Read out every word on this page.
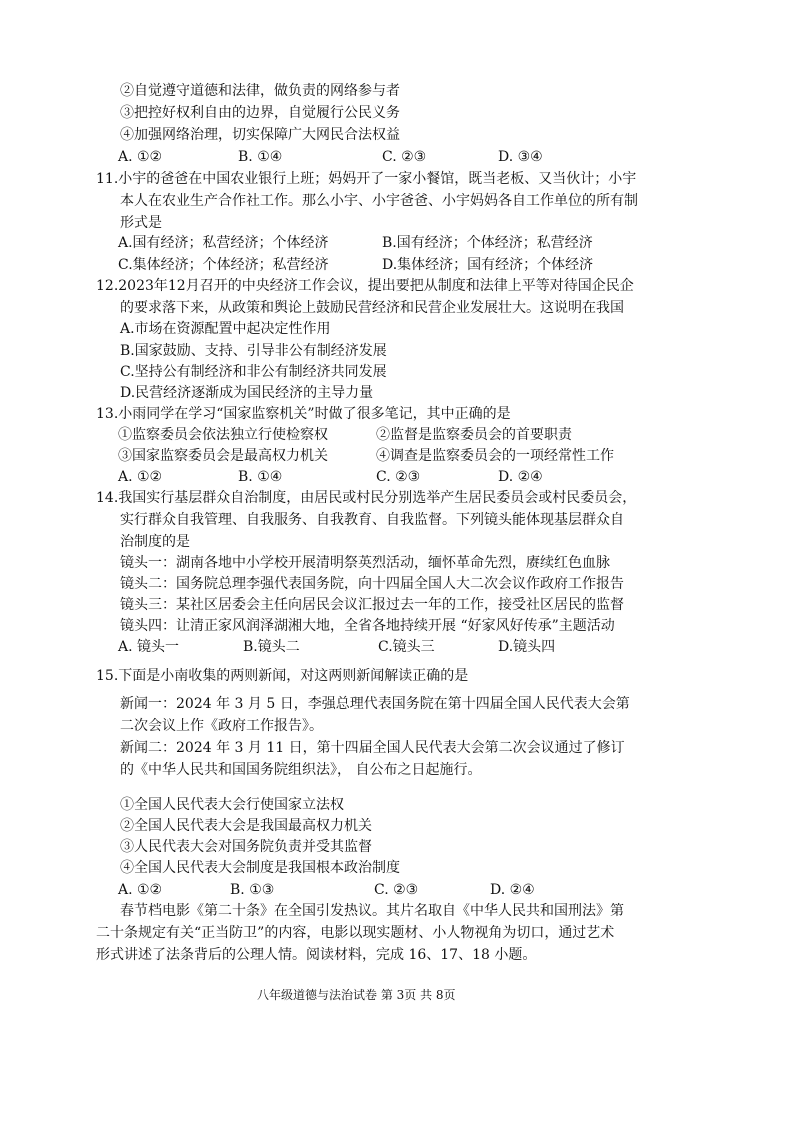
②自觉遵守道德和法律，做负责的网络参与者
③把控好权利自由的边界，自觉履行公民义务
④加强网络治理，切实保障广大网民合法权益
A. ①②	B. ①④	C. ②③	D. ③④
11.小宇的爸爸在中国农业银行上班；妈妈开了一家小餐馆，既当老板、又当伙计；小宇
本人在农业生产合作社工作。那么小宇、小宇爸爸、小宇妈妈各自工作单位的所有制
形式是
A.国有经济；私营经济；个体经济	B.国有经济；个体经济；私营经济
C.集体经济；个体经济；私营经济	D.集体经济；国有经济；个体经济
12.2023年12月召开的中央经济工作会议，提出要把从制度和法律上平等对待国企民企
的要求落下来，从政策和舆论上鼓励民营经济和民营企业发展壮大。这说明在我国
A.市场在资源配置中起决定性作用
B.国家鼓励、支持、引导非公有制经济发展
C.坚持公有制经济和非公有制经济共同发展
D.民营经济逐渐成为国民经济的主导力量
13.小雨同学在学习“国家监察机关”时做了很多笔记，其中正确的是
①监察委员会依法独立行使检察权	②监督是监察委员会的首要职责
③国家监察委员会是最高权力机关	④调查是监察委员会的一项经常性工作
A. ①②	B. ①④	C. ②③	D. ②④
14.我国实行基层群众自治制度，由居民或村民分别选举产生居民委员会或村民委员会，
实行群众自我管理、自我服务、自我教育、自我监督。下列镜头能体现基层群众自
治制度的是
镜头一：湖南各地中小学校开展清明祭英烈活动，缅怀革命先烈，赓续红色血脉
镜头二：国务院总理李强代表国务院，向十四届全国人大二次会议作政府工作报告
镜头三：某社区居委会主任向居民会议汇报过去一年的工作，接受社区居民的监督
镜头四：让清正家风润泽湖湘大地，全省各地持续开展 “好家风好传承”主题活动
A. 镜头一	B.镜头二	C.镜头三	D.镜头四
15.下面是小南收集的两则新闻，对这两则新闻解读正确的是
新闻一：2024 年 3 月 5 日，李强总理代表国务院在第十四届全国人民代表大会第
二次会议上作《政府工作报告》。
新闻二：2024 年 3 月 11 日，第十四届全国人民代表大会第二次会议通过了修订
的《中华人民共和国国务院组织法》， 自公布之日起施行。
①全国人民代表大会行使国家立法权
②全国人民代表大会是我国最高权力机关
③人民代表大会对国务院负责并受其监督
④全国人民代表大会制度是我国根本政治制度
A. ①②	B. ①③	C. ②③	D. ②④
春节档电影《第二十条》在全国引发热议。其片名取自《中华人民共和国刑法》第
二十条规定有关“正当防卫”的内容，电影以现实题材、小人物视角为切口，通过艺术
形式讲述了法条背后的公理人情。阅读材料，完成 16、17、18 小题。
八年级道德与法治试卷 第 3页 共 8页
